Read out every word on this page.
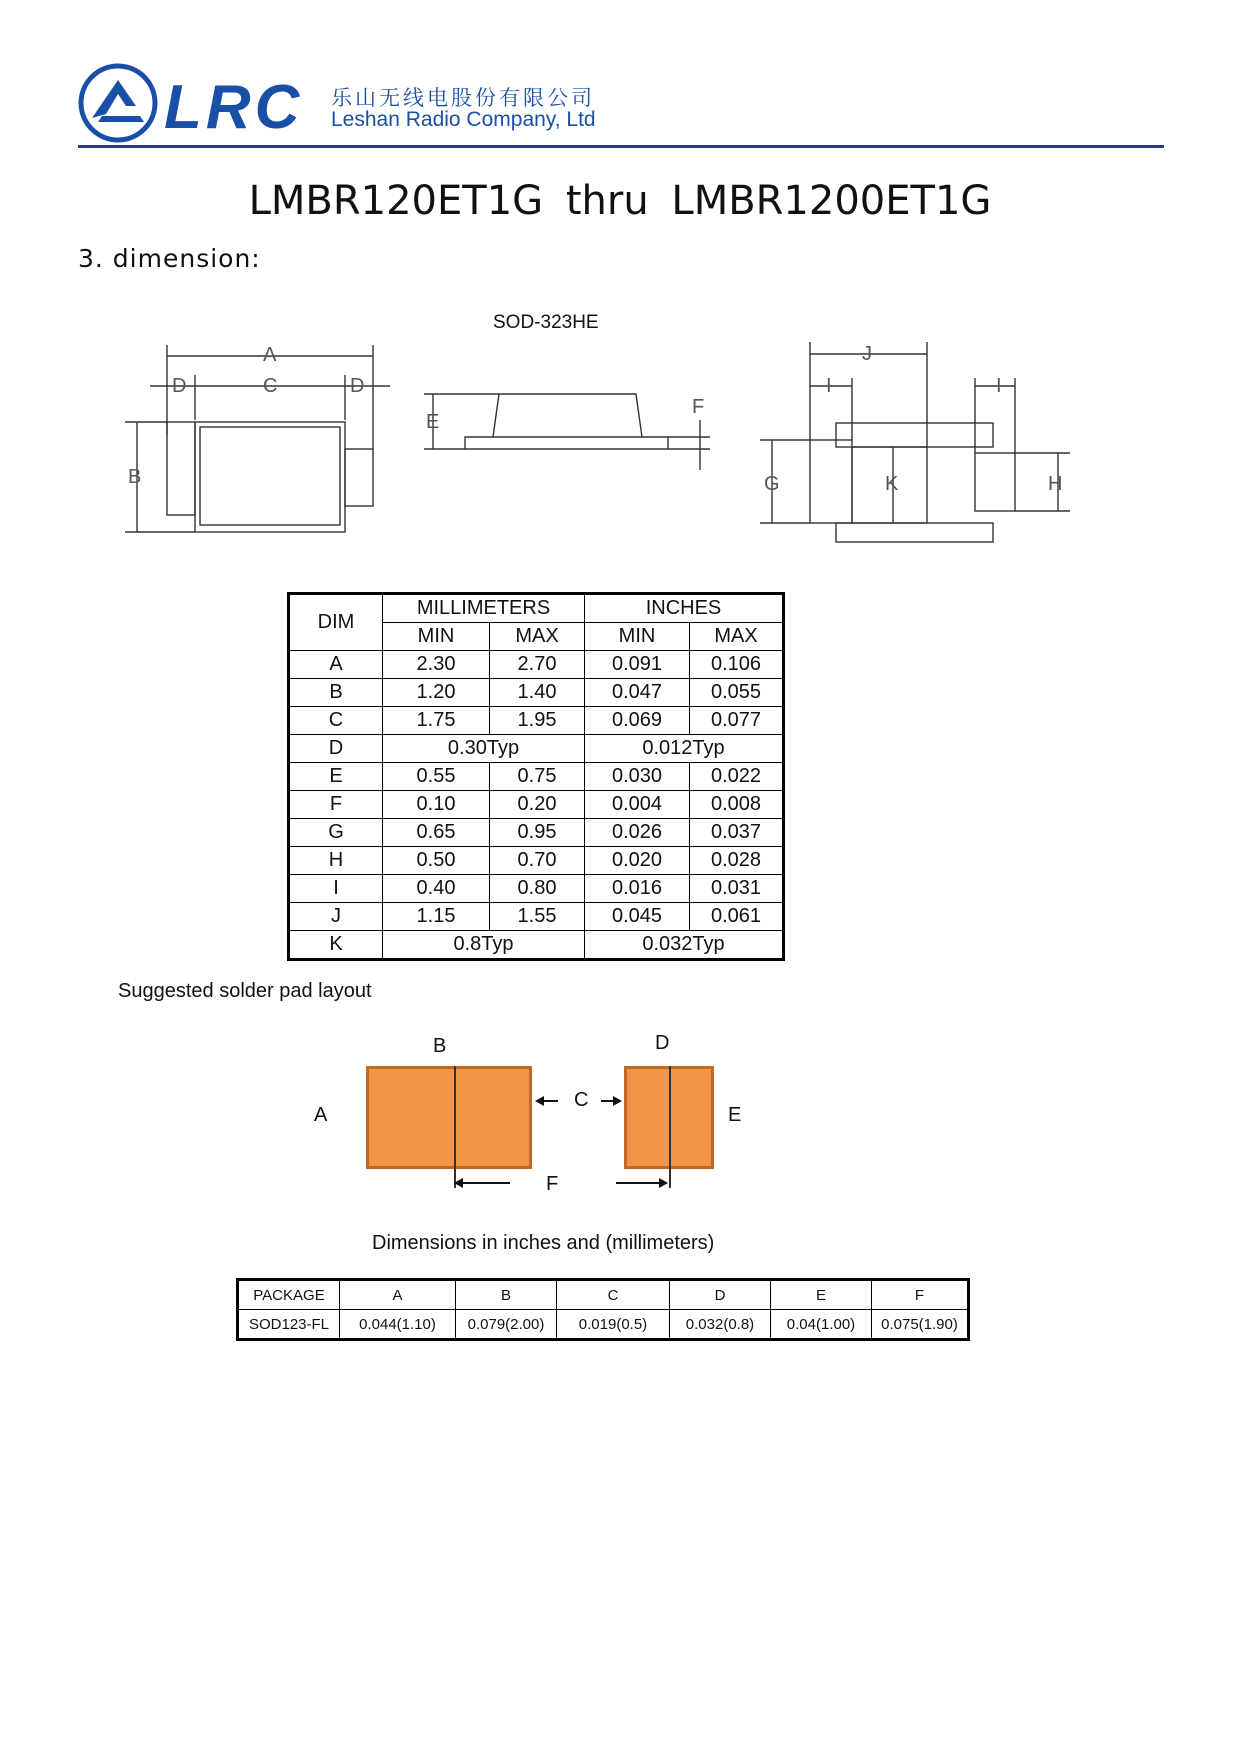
LRC 乐山无线电股份有限公司
Leshan Radio Company, Ltd
LMBR120ET1G thru LMBR1200ET1G
3. dimension:
SOD-323HE
A
C
D	D
B
E
F
J
I	I
G	K	H
DIM	MILLIMETERS		INCHES	
	MIN	MAX	MIN	MAX
A	2.30	2.70	0.091	0.106
B	1.20	1.40	0.047	0.055
C	1.75	1.95	0.069	0.077
D	0.30Typ		0.012Typ	
E	0.55	0.75	0.030	0.022
F	0.10	0.20	0.004	0.008
G	0.65	0.95	0.026	0.037
H	0.50	0.70	0.020	0.028
I	0.40	0.80	0.016	0.031
J	1.15	1.55	0.045	0.061
K	0.8Typ		0.032Typ	
Suggested solder pad layout
A
B
C
D
E
F
Dimensions in inches and (millimeters)
PACKAGE	A	B	C	D	E	F
SOD123-FL	0.044(1.10)	0.079(2.00)	0.019(0.5)	0.032(0.8)	0.04(1.00)	0.075(1.90)
